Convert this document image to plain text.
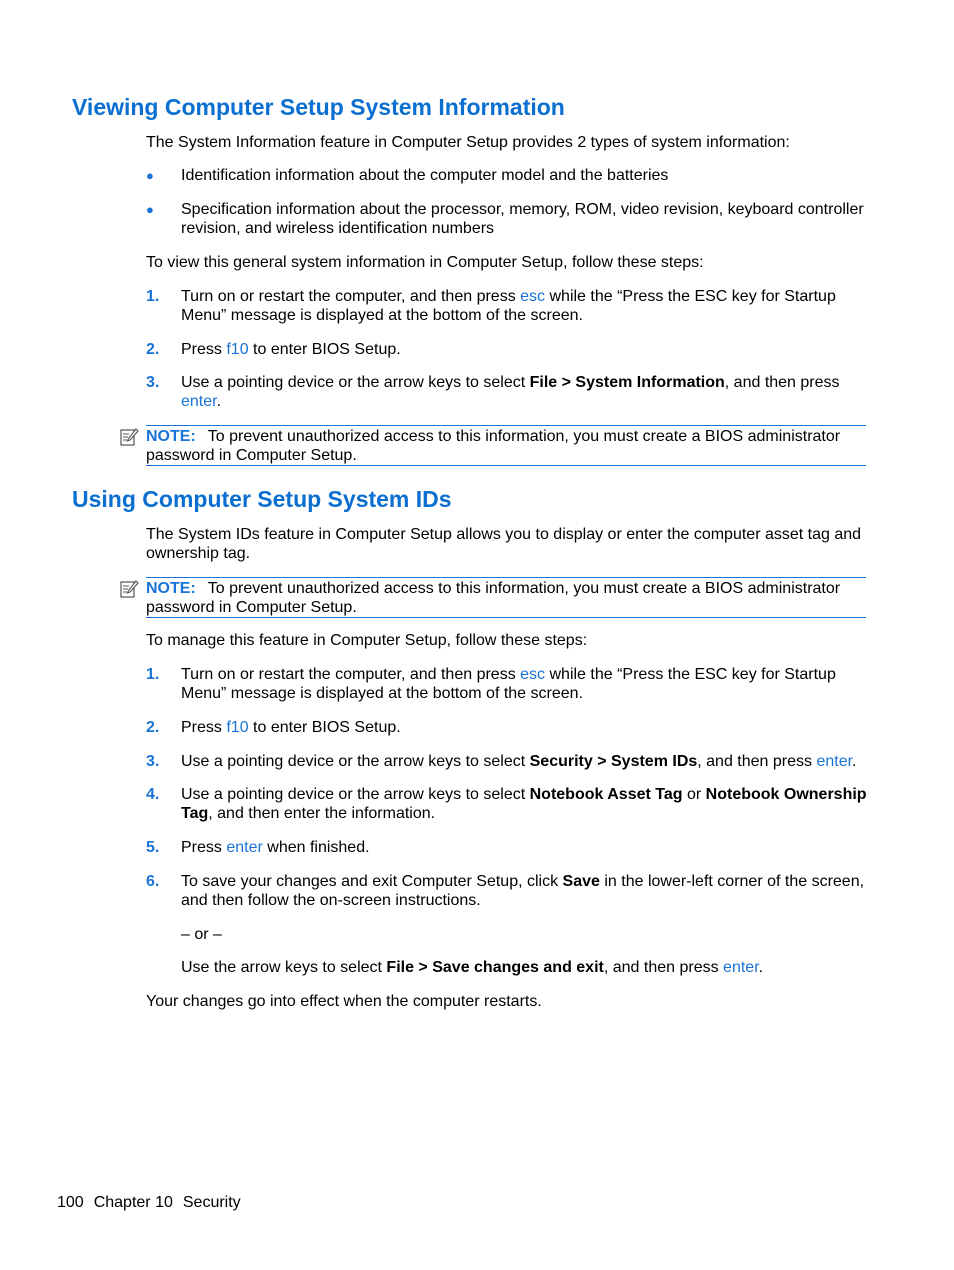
Viewing Computer Setup System Information

The System Information feature in Computer Setup provides 2 types of system information:

●	Identification information about the computer model and the batteries
●	Specification information about the processor, memory, ROM, video revision, keyboard controller revision, and wireless identification numbers

To view this general system information in Computer Setup, follow these steps:

1.	Turn on or restart the computer, and then press esc while the “Press the ESC key for Startup Menu” message is displayed at the bottom of the screen.
2.	Press f10 to enter BIOS Setup.
3.	Use a pointing device or the arrow keys to select File > System Information, and then press enter.
NOTE: To prevent unauthorized access to this information, you must create a BIOS administrator password in Computer Setup.
Using Computer Setup System IDs

The System IDs feature in Computer Setup allows you to display or enter the computer asset tag and ownership tag.

NOTE: To prevent unauthorized access to this information, you must create a BIOS administrator password in Computer Setup.

To manage this feature in Computer Setup, follow these steps:

1.	Turn on or restart the computer, and then press esc while the “Press the ESC key for Startup Menu” message is displayed at the bottom of the screen.
2.	Press f10 to enter BIOS Setup.
3.	Use a pointing device or the arrow keys to select Security > System IDs, and then press enter.
4.	Use a pointing device or the arrow keys to select Notebook Asset Tag or Notebook Ownership Tag, and then enter the information.
5.	Press enter when finished.
6.	To save your changes and exit Computer Setup, click Save in the lower-left corner of the screen, and then follow the on-screen instructions.

– or –

Use the arrow keys to select File > Save changes and exit, and then press enter.

Your changes go into effect when the computer restarts.

100 Chapter 10 Security
